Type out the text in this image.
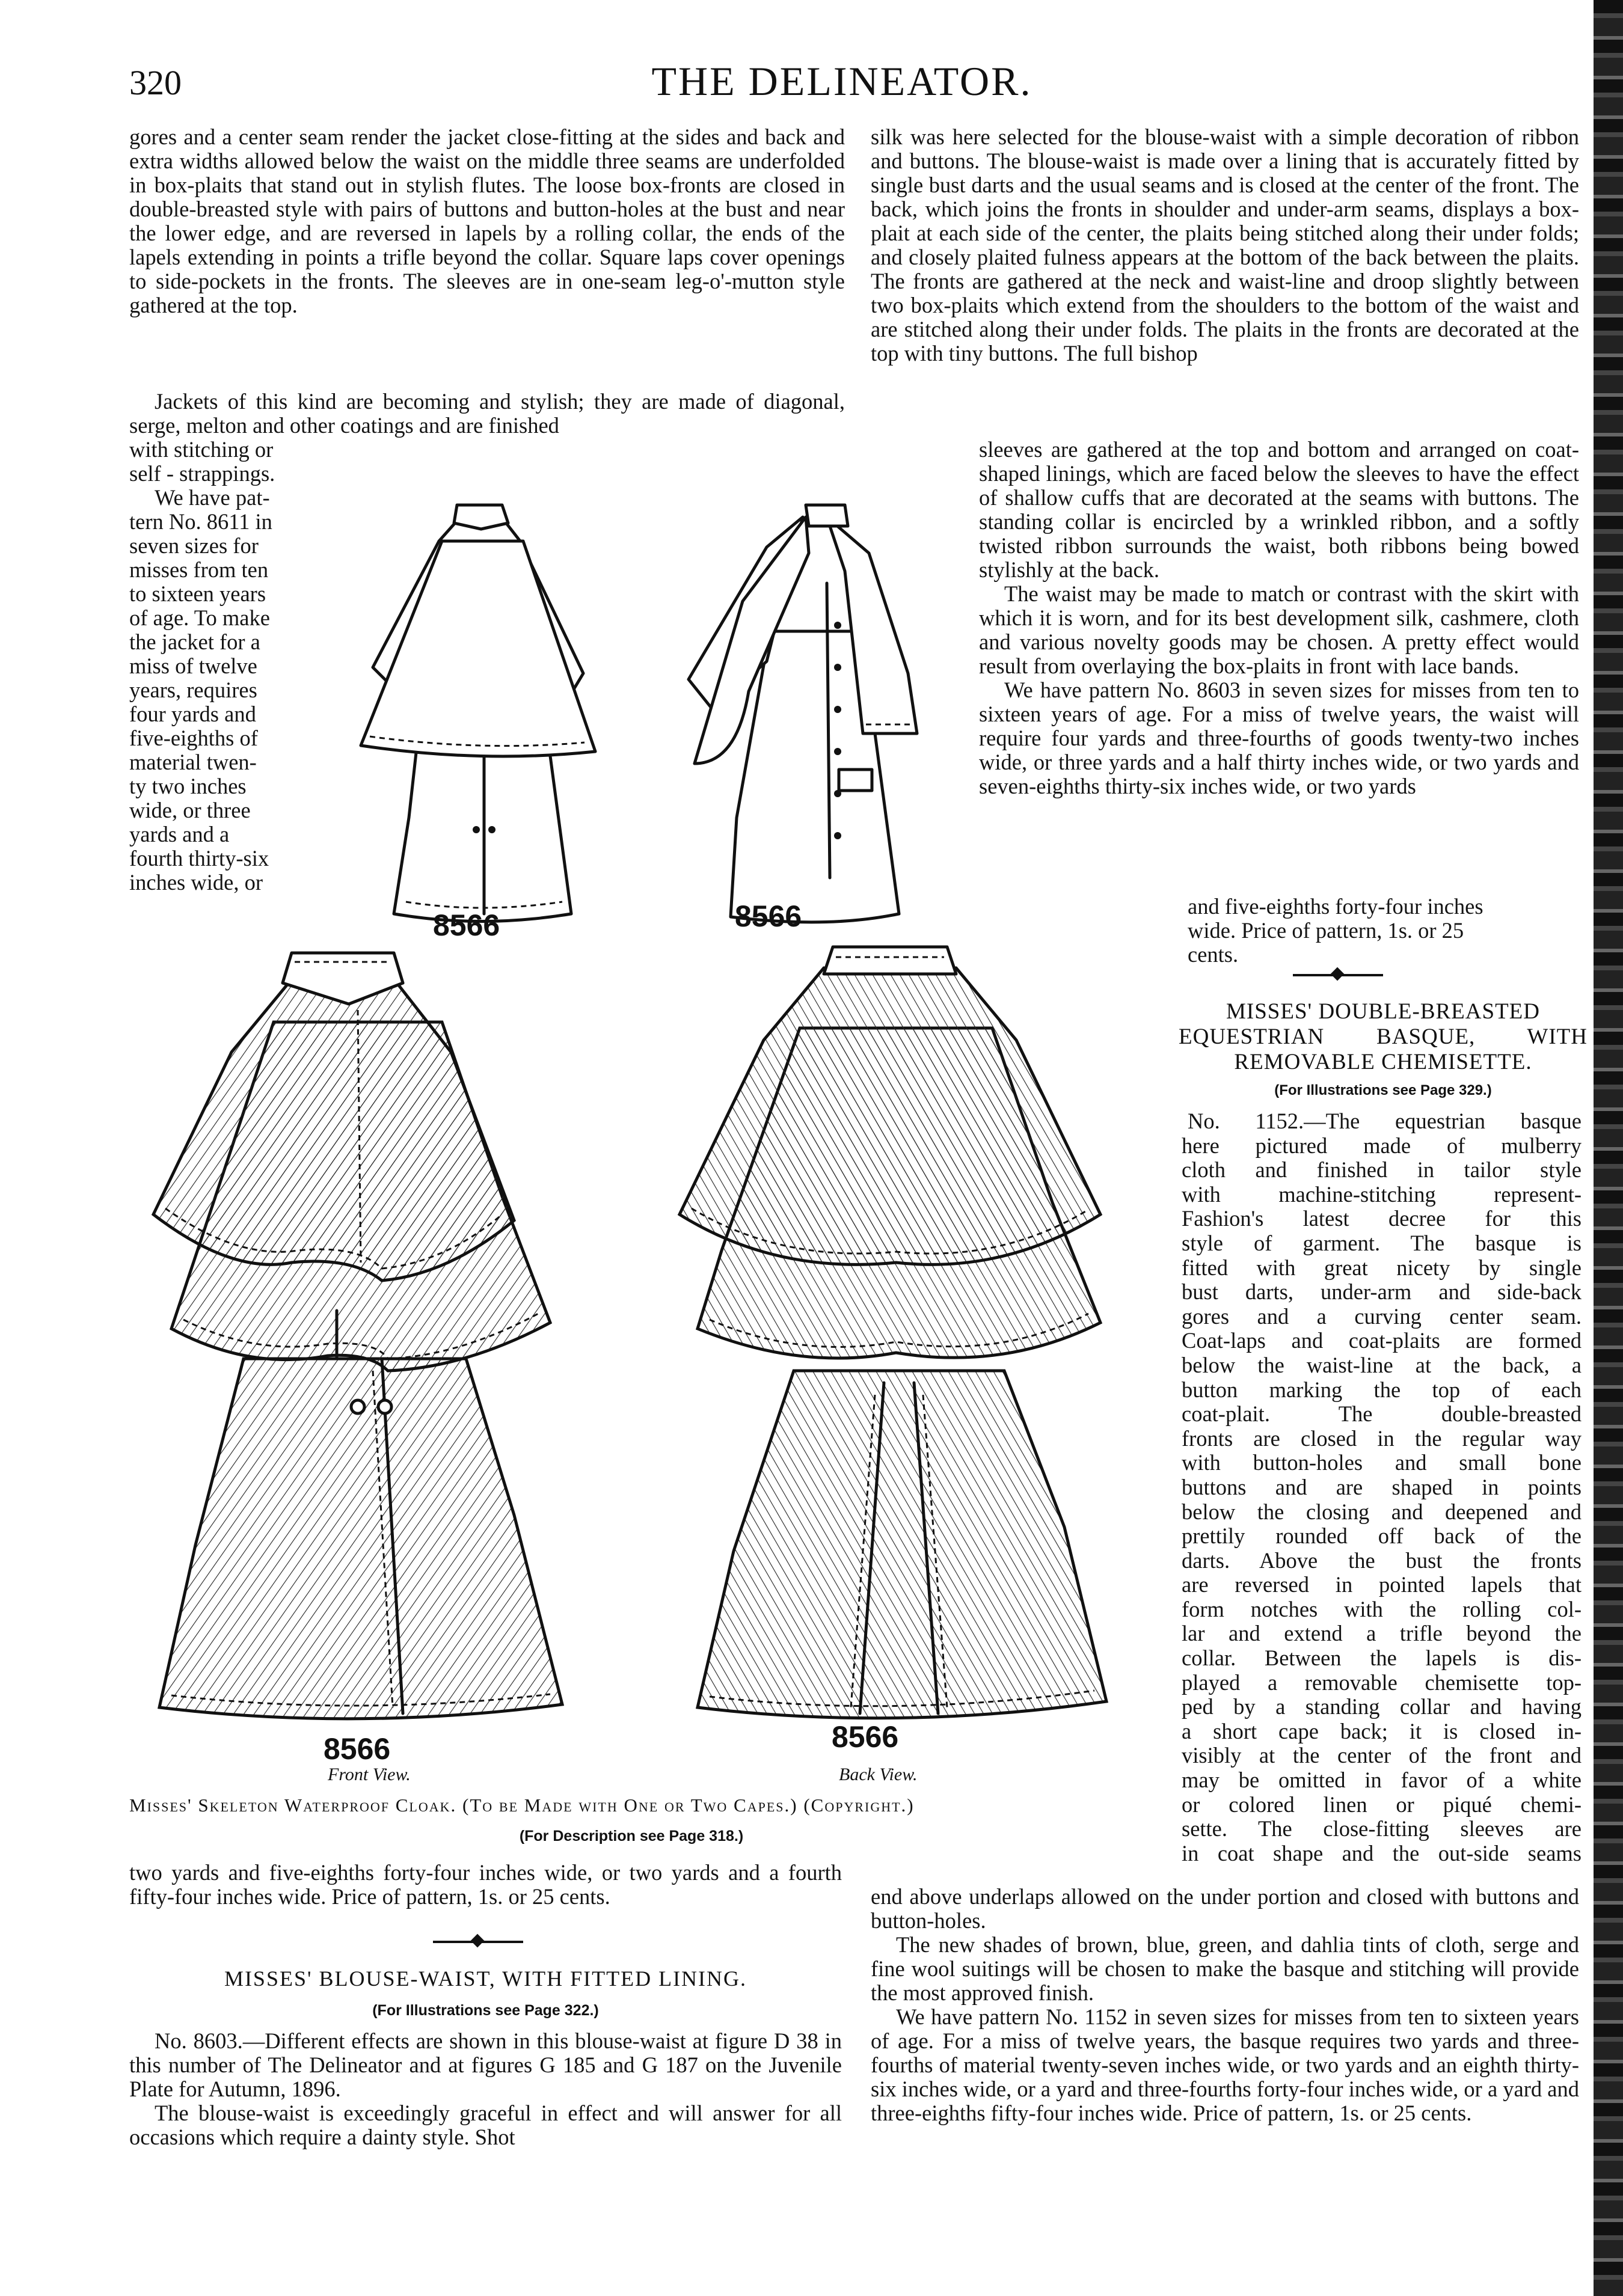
320	THE DELINEATOR.

gores and a center seam render the jacket close-fitting at the sides and back and extra widths allowed below the waist on the middle three seams are underfolded in box-plaits that stand out in stylish flutes. The loose box-fronts are closed in double-breasted style with pairs of buttons and button-holes at the bust and near the lower edge, and are reversed in lapels by a rolling collar, the ends of the lapels extending in points a trifle beyond the collar. Square laps cover openings to side-pockets in the fronts. The sleeves are in one-seam leg-o'-mutton style gathered at the top.

Jackets of this kind are becoming and stylish; they are made of diagonal, serge, melton and other coatings and are finished

with stitching or
self - strappings.
We have pat-
tern No. 8611 in
seven sizes for
misses from ten
to sixteen years
of age. To make
the jacket for a
miss of twelve
years, requires
four yards and
five-eighths of
material twen-
ty two inches
wide, or three
yards and a
fourth thirty-six
inches wide, or

silk was here selected for the blouse-waist with a simple decoration of ribbon and buttons. The blouse-waist is made over a lining that is accurately fitted by single bust darts and the usual seams and is closed at the center of the front. The back, which joins the fronts in shoulder and under-arm seams, displays a box-plait at each side of the center, the plaits being stitched along their under folds; and closely plaited fulness appears at the bottom of the back between the plaits. The fronts are gathered at the neck and waist-line and droop slightly between two box-plaits which extend from the shoulders to the bottom of the waist and are stitched along their under folds. The plaits in the fronts are decorated at the top with tiny buttons. The full bishop

sleeves are gathered at the top and bottom and arranged on coat-shaped linings, which are faced below the sleeves to have the effect of shallow cuffs that are decorated at the seams with buttons. The standing collar is encircled by a wrinkled ribbon, and a softly twisted ribbon surrounds the waist, both ribbons being bowed stylishly at the back.

The waist may be made to match or contrast with the skirt with which it is worn, and for its best development silk, cashmere, cloth and various novelty goods may be chosen. A pretty effect would result from overlaying the box-plaits in front with lace bands.

We have pattern No. 8603 in seven sizes for misses from ten to sixteen years of age. For a miss of twelve years, the waist will require four yards and three-fourths of goods twenty-two inches wide, or three yards and a half thirty inches wide, or two yards and seven-eighths thirty-six inches wide, or two yards

and five-eighths forty-four inches
wide. Price of pattern, 1s. or 25
cents.
8566	8566
8566	8566
Front View.	Back View.
Misses' Skeleton Waterproof Cloak. (To be Made with One or Two Capes.) (Copyright.)
(For Description see Page 318.)
MISSES' DOUBLE-BREASTED
EQUESTRIAN BASQUE, WITH
REMOVABLE CHEMISETTE.
(For Illustrations see Page 329.)
No. 1152.—The equestrian basque
here pictured made of mulberry
cloth and finished in tailor style
with machine-stitching represent-
Fashion's latest decree for this
style of garment. The basque is
fitted with great nicety by single
bust darts, under-arm and side-back
gores and a curving center seam.
Coat-laps and coat-plaits are formed
below the waist-line at the back, a
button marking the top of each
coat-plait. The double-breasted
fronts are closed in the regular way
with button-holes and small bone
buttons and are shaped in points
below the closing and deepened and
prettily rounded off back of the
darts. Above the bust the fronts
are reversed in pointed lapels that
form notches with the rolling col-
lar and extend a trifle beyond the
collar. Between the lapels is dis-
played a removable chemisette top-
ped by a standing collar and having
a short cape back; it is closed in-
visibly at the center of the front and
may be omitted in favor of a white
or colored linen or piqué chemi-
sette. The close-fitting sleeves are
in coat shape and the out-side seams

two yards and five-eighths forty-four inches wide, or two yards and a fourth fifty-four inches wide. Price of pattern, 1s. or 25 cents.

MISSES' BLOUSE-WAIST, WITH FITTED LINING.
(For Illustrations see Page 322.)

No. 8603.—Different effects are shown in this blouse-waist at figure D 38 in this number of The Delineator and at figures G 185 and G 187 on the Juvenile Plate for Autumn, 1896.

The blouse-waist is exceedingly graceful in effect and will answer for all occasions which require a dainty style. Shot

end above underlaps allowed on the under portion and closed with buttons and button-holes.

The new shades of brown, blue, green, and dahlia tints of cloth, serge and fine wool suitings will be chosen to make the basque and stitching will provide the most approved finish.

We have pattern No. 1152 in seven sizes for misses from ten to sixteen years of age. For a miss of twelve years, the basque requires two yards and three-fourths of material twenty-seven inches wide, or two yards and an eighth thirty-six inches wide, or a yard and three-fourths forty-four inches wide, or a yard and three-eighths fifty-four inches wide. Price of pattern, 1s. or 25 cents.
